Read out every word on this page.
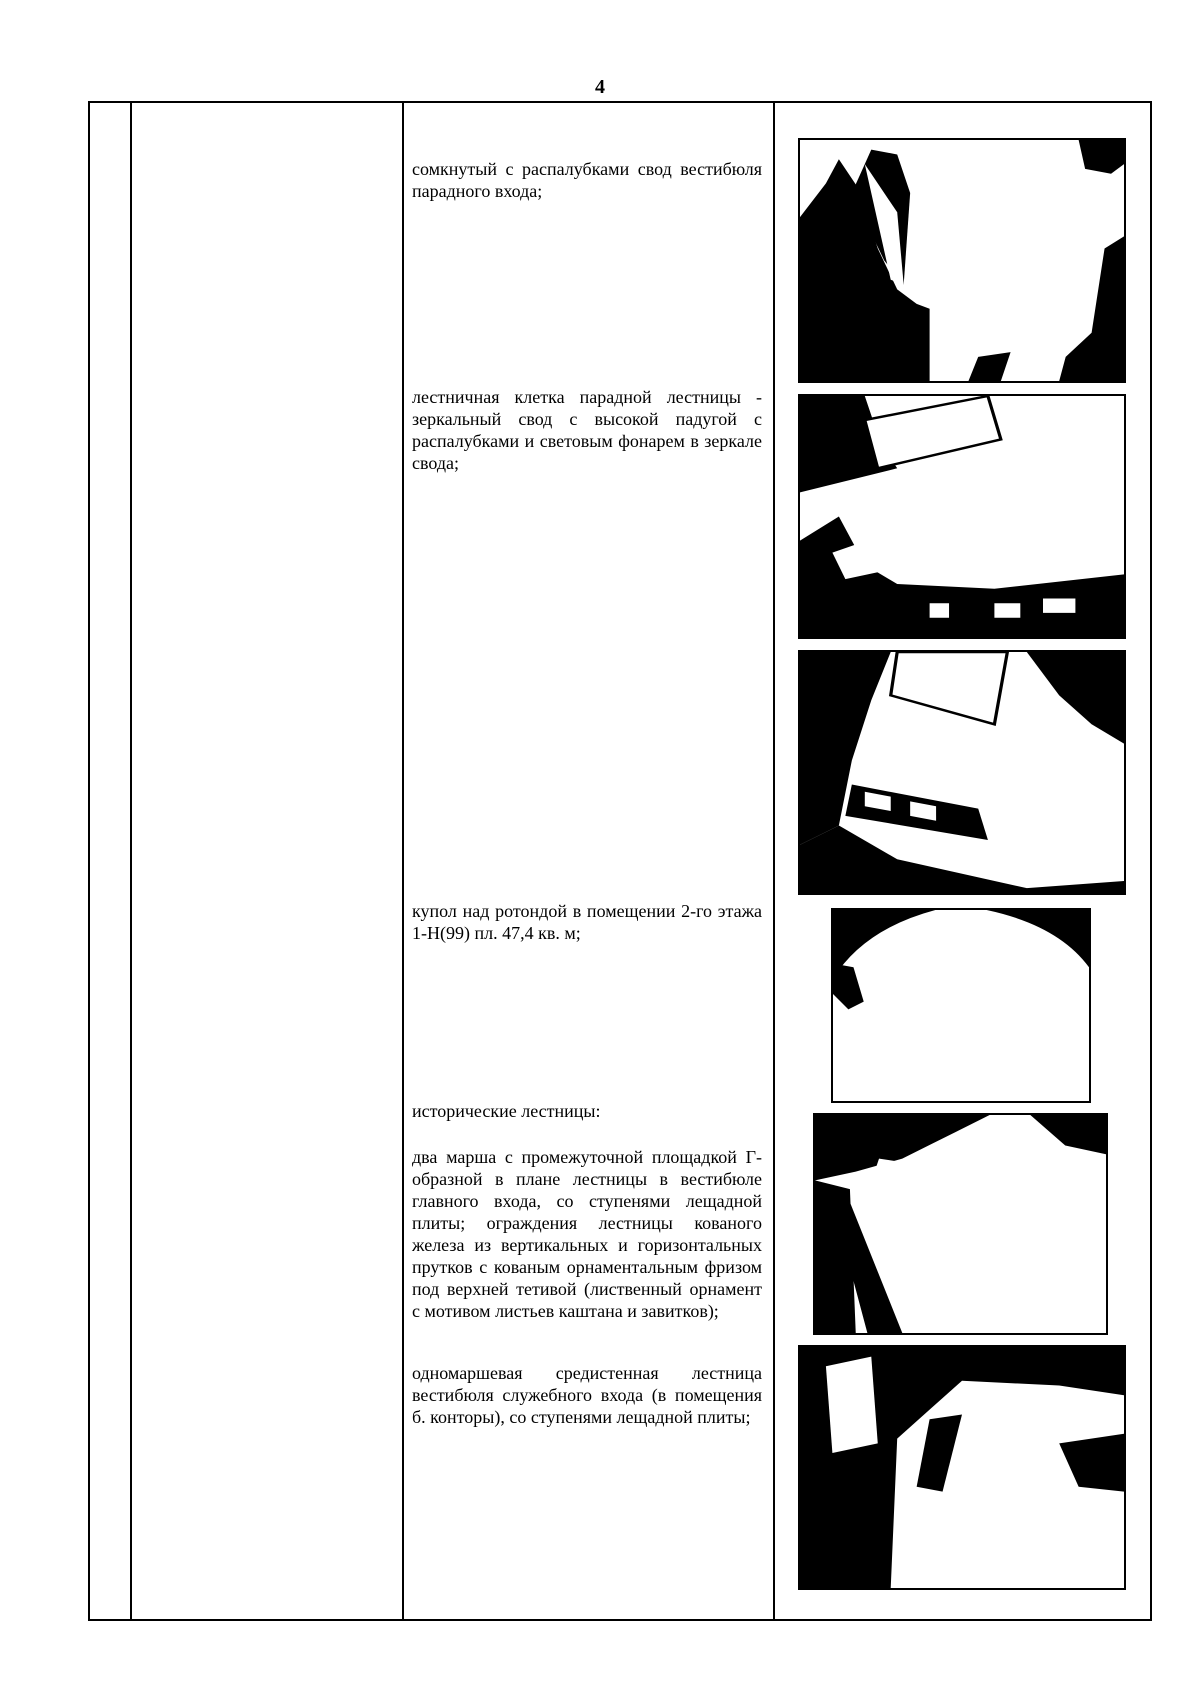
4

сомкнутый с распалубками свод вестибюля парадного входа;

лестничная клетка парадной лестницы -

зеркальный свод с высокой падугой с распалубками и световым фонарем в зеркале свода;

купол над ротондой в помещении 2-го этажа 1-Н(99) пл. 47,4 кв. м;

исторические лестницы:

два марша с промежуточной площадкой Г-образной в плане лестницы в вестибюле главного входа, со ступенями лещадной плиты; ограждения лестницы кованого железа из вертикальных и горизонтальных прутков с кованым орнаментальным фризом под верхней тетивой (лиственный орнамент с мотивом листьев каштана и завитков);

одномаршевая средистенная лестница вестибюля служебного входа (в помещения б. конторы), со ступенями лещадной плиты;
